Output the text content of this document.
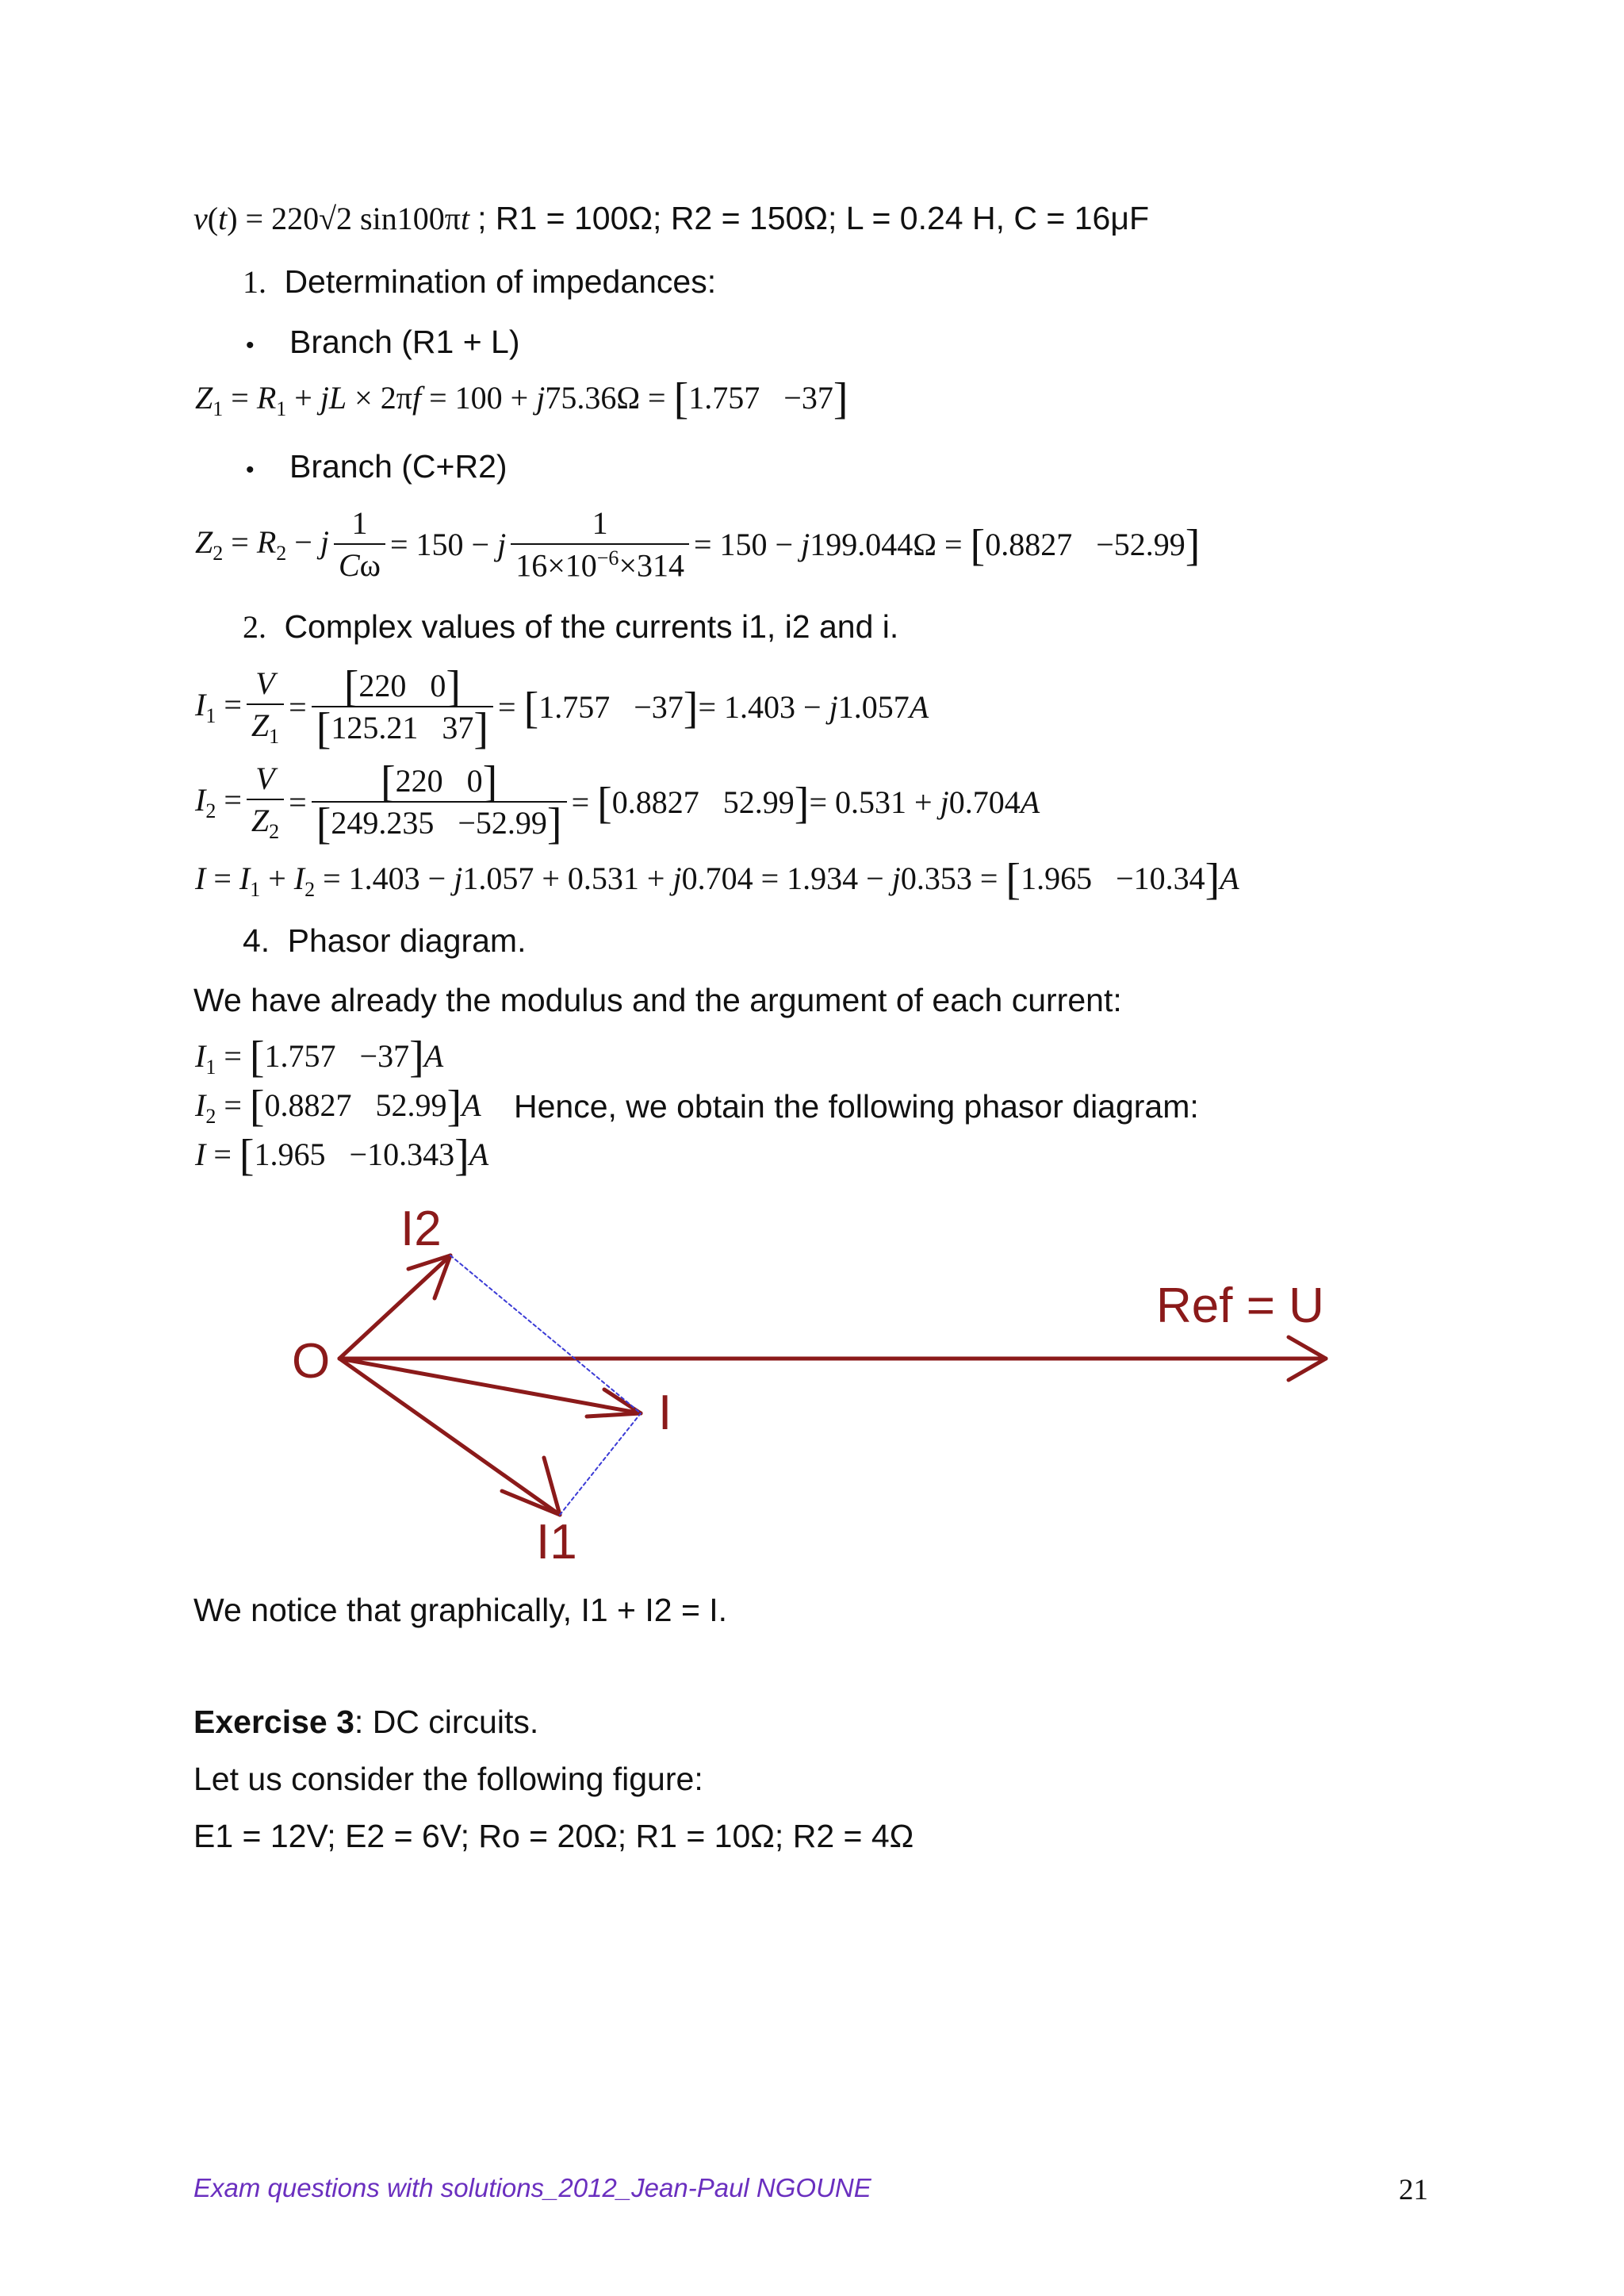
v(t) = 220√2 sin100πt ; R1 = 100Ω; R2 = 150Ω; L = 0.24 H, C = 16μF
1. Determination of impedances:
• Branch (R1 + L)
$Z_1 = R_1$ + jL × 2πf = 100 + j75.36Ω = [1.757   −37]
• Branch (C+R2)
$Z_2 = R_2 - j \frac{1}{C\omega} = 150 - j \frac{1}{16\times 10^{-6}\times 314} = 150 - j199.044\Omega = [0.8827 -52.99]$
2. Complex values of the currents i1, i2 and i.
$I_1 = \frac{V}{Z_1} = \frac{[220 0]}{[125.21 37]} = [1.757 -37]= 1.403 - j1.057A$
$I_2 = \frac{V}{Z_2} = \frac{[220 0]}{[249.235 -52.99]} = [0.8827$   52.99]= 0.531 + j0.704A
$I = I_1 + I_2 = 1.403 - j1.057 + 0.531 + j0.704 = 1.934 - j0.353 = [1.965 -10.34]A$
4. Phasor diagram.
We have already the modulus and the argument of each current:
$I_1 = [1.757 -37]A$
$I_2 = [0.8827$   52.99]A Hence, we obtain the following phasor diagram:
I = [1.965   −10.343]A
I2
Ref = U
O
I
I1
We notice that graphically, I1 + I2 = I.
Exercise 3: DC circuits.
Let us consider the following figure:
E1 = 12V; E2 = 6V; Ro = 20Ω; R1 = 10Ω; R2 = 4Ω
Exam questions with solutions_2012_Jean-Paul NGOUNE	21
